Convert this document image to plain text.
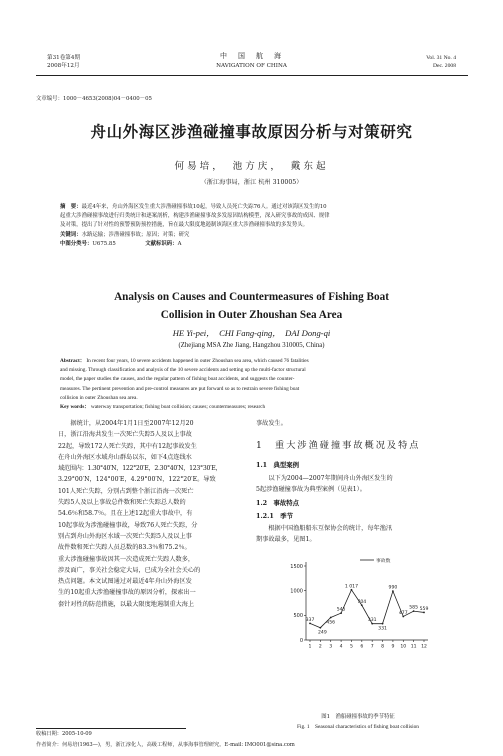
第31卷第4期
2008年12月
中　国　航　海
NAVIGATION OF CHINA
Vol. 31 No. 4
Dec. 2008
文章编号：1000－4653(2008)04－0400－05
舟山外海区涉渔碰撞事故原因分析与对策研究
何易培，　池方庆，　戴东起
（浙江海事局，浙江 杭州 310005）
摘　要：最近4年来，舟山外海区发生重大涉渔碰撞事故10起，导致人员死亡失踪76人。通过对该海区发生的10
起重大涉渔碰撞事故进行归类统计和逐案剖析，构建涉渔碰撞事故多发原因结构模型，深入研究事故的成因、规律
及对策，提出了针对性的预警预防预控措施，旨在最大限度地遏制该海区重大涉渔碰撞事故的多发势头。
关键词：水路运输；涉渔碰撞事故；原因；对策；研究
中图分类号：U675.85	文献标识码：A
Analysis on Causes and Countermeasures of Fishing Boat
Collision in Outer Zhoushan Sea Area
HE Yi-pei，　CHI Fang-qing，　DAI Dong-qi
(Zhejiang MSA Zhe Jiang, Hangzhou 310005, China)
Abstract： In recent four years, 10 severe accidents happened in outer Zhoushan sea area, which caused 76 fatalities
and missing. Through classification and analysis of the 10 severe accidents and setting up the multi-factor structural
model, the paper studies the causes, and the regular pattern of fishing boat accidents, and suggests the counter-
measures. The pertinent prevention and pre-control measures are put forward so as to restrain severe fishing boat
collision in outer Zhoushan sea area.
Key words： waterway transportation; fishing boat collision; causes; countermeasures; research
　　据统计，从2004年1月1日至2007年12月20
日，浙江沿海共发生一次死亡失踪5人及以上事故
22起，导致172人死亡失踪，其中有12起事故发生
在舟山外海区水域舟山群岛以东，如下4点连线水
域范围内：1.30°40′N，122°20′E，2.30°40′N，123°30′E，
3.29°00′N，124°00′E，4.29°00′N，122°20′E。导致
101人死亡失踪，分别占到整个浙江沿海一次死亡
失踪5人及以上事故总件数和死亡失踪总人数的
54.6％和58.7％。且在上述12起重大事故中，有
10起事故为涉渔碰撞事故，导致76人死亡失踪，分
别占到舟山外海区水域一次死亡失踪5人及以上事
故件数和死亡失踪人员总数的83.3％和75.2％。
重大涉渔碰撞事故因其一次造成死亡失踪人数多，
涉及面广，事关社会稳定大局，已成为全社会关心的
热点问题。本文试图通过对最近4年舟山外海区发
生的10起重大涉渔碰撞事故的原因分析，探索出一
套针对性的防范措施，以最大限度地遏制重大海上
事故发生。
1　重大涉渔碰撞事故概况及特点
1.1　典型案例
　　以下为2004—2007年期间舟山外海区发生的
5起涉渔碰撞事故为典型案例（见表1）。
1.2　事故特点
1.2.1　季节
　　根据中国渔船船东互保协会的统计，每年渔汛
期事故最多，见图1。
0
500
1000
1500
1 2 3 4 5 6 7 8 9 10 11 12
337
249
456
545
1 017
704
331
331
990
477
585 559
事故数
图1　渔船碰撞事故的季节特征
Fig. 1　Seasonal characteristics of fishing boat collision
收稿日期：2005-10-09
作者简介：何易培(1963—)，男，浙江淳化人，高级工程师，从事海事管理研究。E-mail: IMO001@sina.com
